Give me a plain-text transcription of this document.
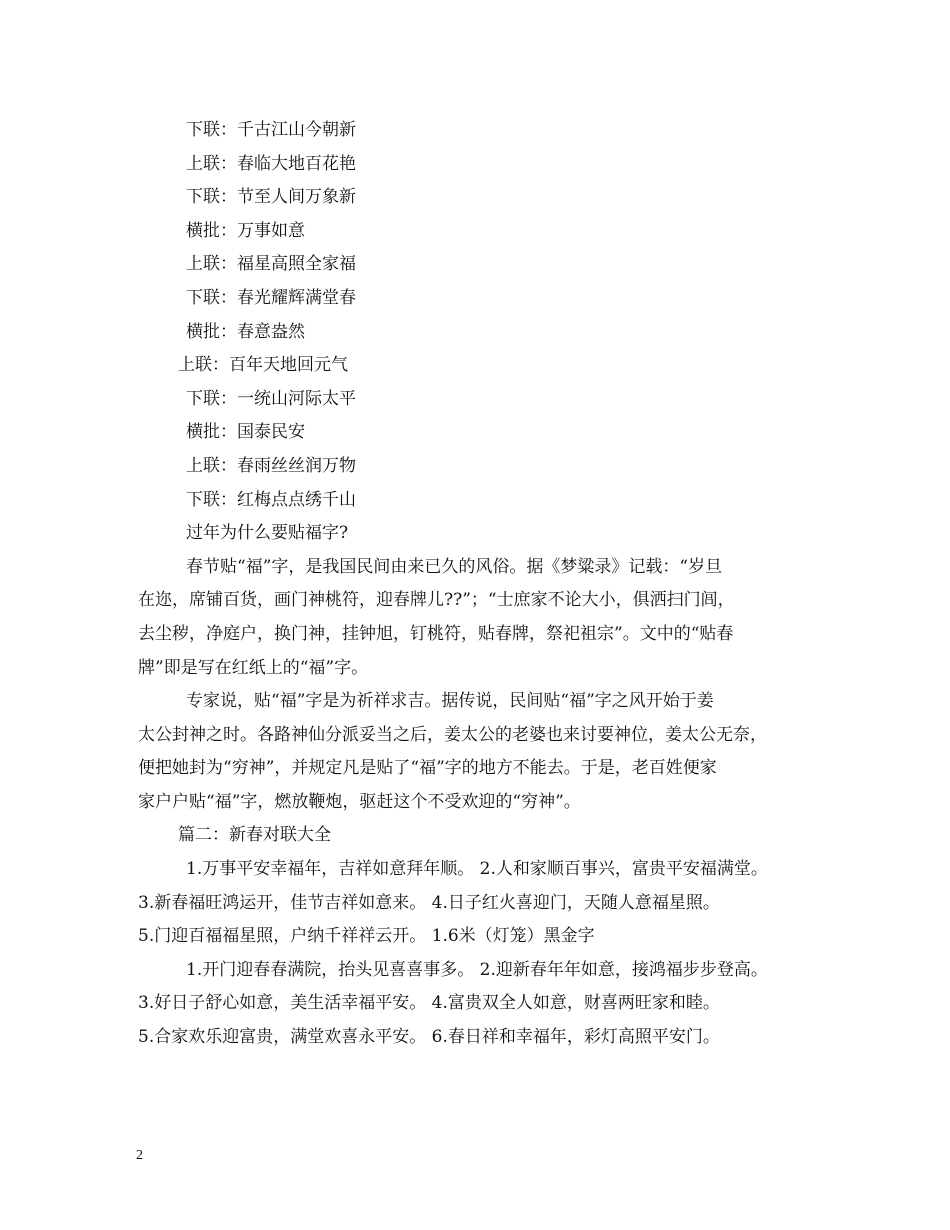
下联：千古江山今朝新
上联：春临大地百花艳
下联：节至人间万象新
横批：万事如意
上联：福星高照全家福
下联：春光耀辉满堂春
横批：春意盎然
上联：百年天地回元气
下联：一统山河际太平
横批：国泰民安
上联：春雨丝丝润万物
下联：红梅点点绣千山
过年为什么要贴福字?
春节贴“福”字，是我国民间由来已久的风俗。据《梦粱录》记载：“岁旦
在迩，席铺百货，画门神桃符，迎春牌儿??”；“士庶家不论大小，俱洒扫门闾，
去尘秽，净庭户，换门神，挂钟旭，钉桃符，贴春牌，祭祀祖宗”。文中的“贴春
牌”即是写在红纸上的“福”字。
专家说，贴“福”字是为祈祥求吉。据传说，民间贴“福”字之风开始于姜
太公封神之时。各路神仙分派妥当之后，姜太公的老婆也来讨要神位，姜太公无奈，
便把她封为“穷神”，并规定凡是贴了“福”字的地方不能去。于是，老百姓便家
家户户贴“福”字，燃放鞭炮，驱赶这个不受欢迎的“穷神”。
篇二：新春对联大全
1.万事平安幸福年，吉祥如意拜年顺。 2.人和家顺百事兴，富贵平安福满堂。
3.新春福旺鸿运开，佳节吉祥如意来。 4.日子红火喜迎门，天随人意福星照。
5.门迎百福福星照，户纳千祥祥云开。 1.6米（灯笼）黑金字
1.开门迎春春满院，抬头见喜喜事多。 2.迎新春年年如意，接鸿福步步登高。
3.好日子舒心如意，美生活幸福平安。 4.富贵双全人如意，财喜两旺家和睦。
5.合家欢乐迎富贵，满堂欢喜永平安。 6.春日祥和幸福年，彩灯高照平安门。
2
